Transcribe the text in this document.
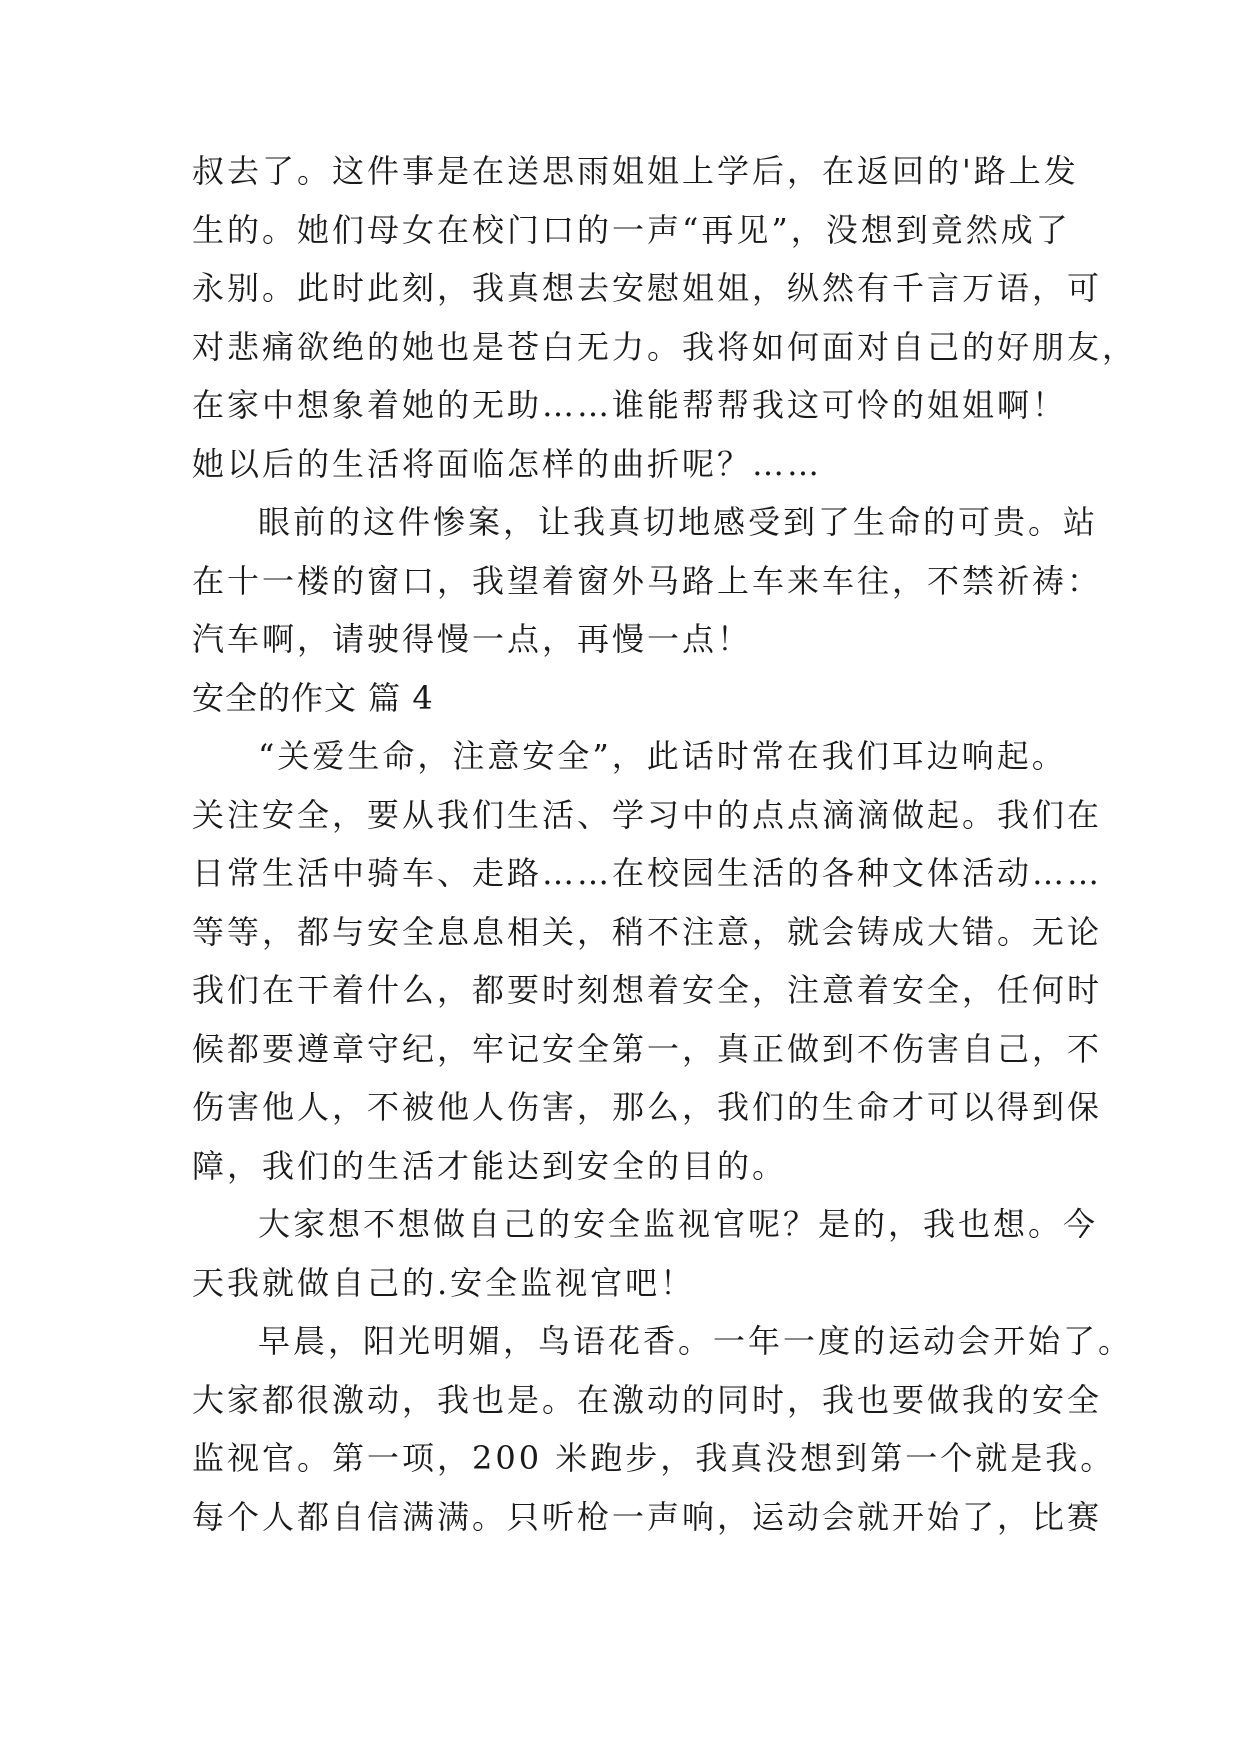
叔去了。这件事是在送思雨姐姐上学后，在返回的'路上发
生的。她们母女在校门口的一声“再见”，没想到竟然成了
永别。此时此刻，我真想去安慰姐姐，纵然有千言万语，可
对悲痛欲绝的她也是苍白无力。我将如何面对自己的好朋友，
在家中想象着她的无助……谁能帮帮我这可怜的姐姐啊！
她以后的生活将面临怎样的曲折呢？……
眼前的这件惨案，让我真切地感受到了生命的可贵。站
在十一楼的窗口，我望着窗外马路上车来车往，不禁祈祷：
汽车啊，请驶得慢一点，再慢一点！
安全的作文 篇 4
“关爱生命，注意安全”，此话时常在我们耳边响起。
关注安全，要从我们生活、学习中的点点滴滴做起。我们在
日常生活中骑车、走路……在校园生活的各种文体活动……
等等，都与安全息息相关，稍不注意，就会铸成大错。无论
我们在干着什么，都要时刻想着安全，注意着安全，任何时
候都要遵章守纪，牢记安全第一，真正做到不伤害自己，不
伤害他人，不被他人伤害，那么，我们的生命才可以得到保
障，我们的生活才能达到安全的目的。
大家想不想做自己的安全监视官呢？是的，我也想。今
天我就做自己的.安全监视官吧！
早晨，阳光明媚，鸟语花香。一年一度的运动会开始了。
大家都很激动，我也是。在激动的同时，我也要做我的安全
监视官。第一项，200 米跑步，我真没想到第一个就是我。
每个人都自信满满。只听枪一声响，运动会就开始了，比赛
